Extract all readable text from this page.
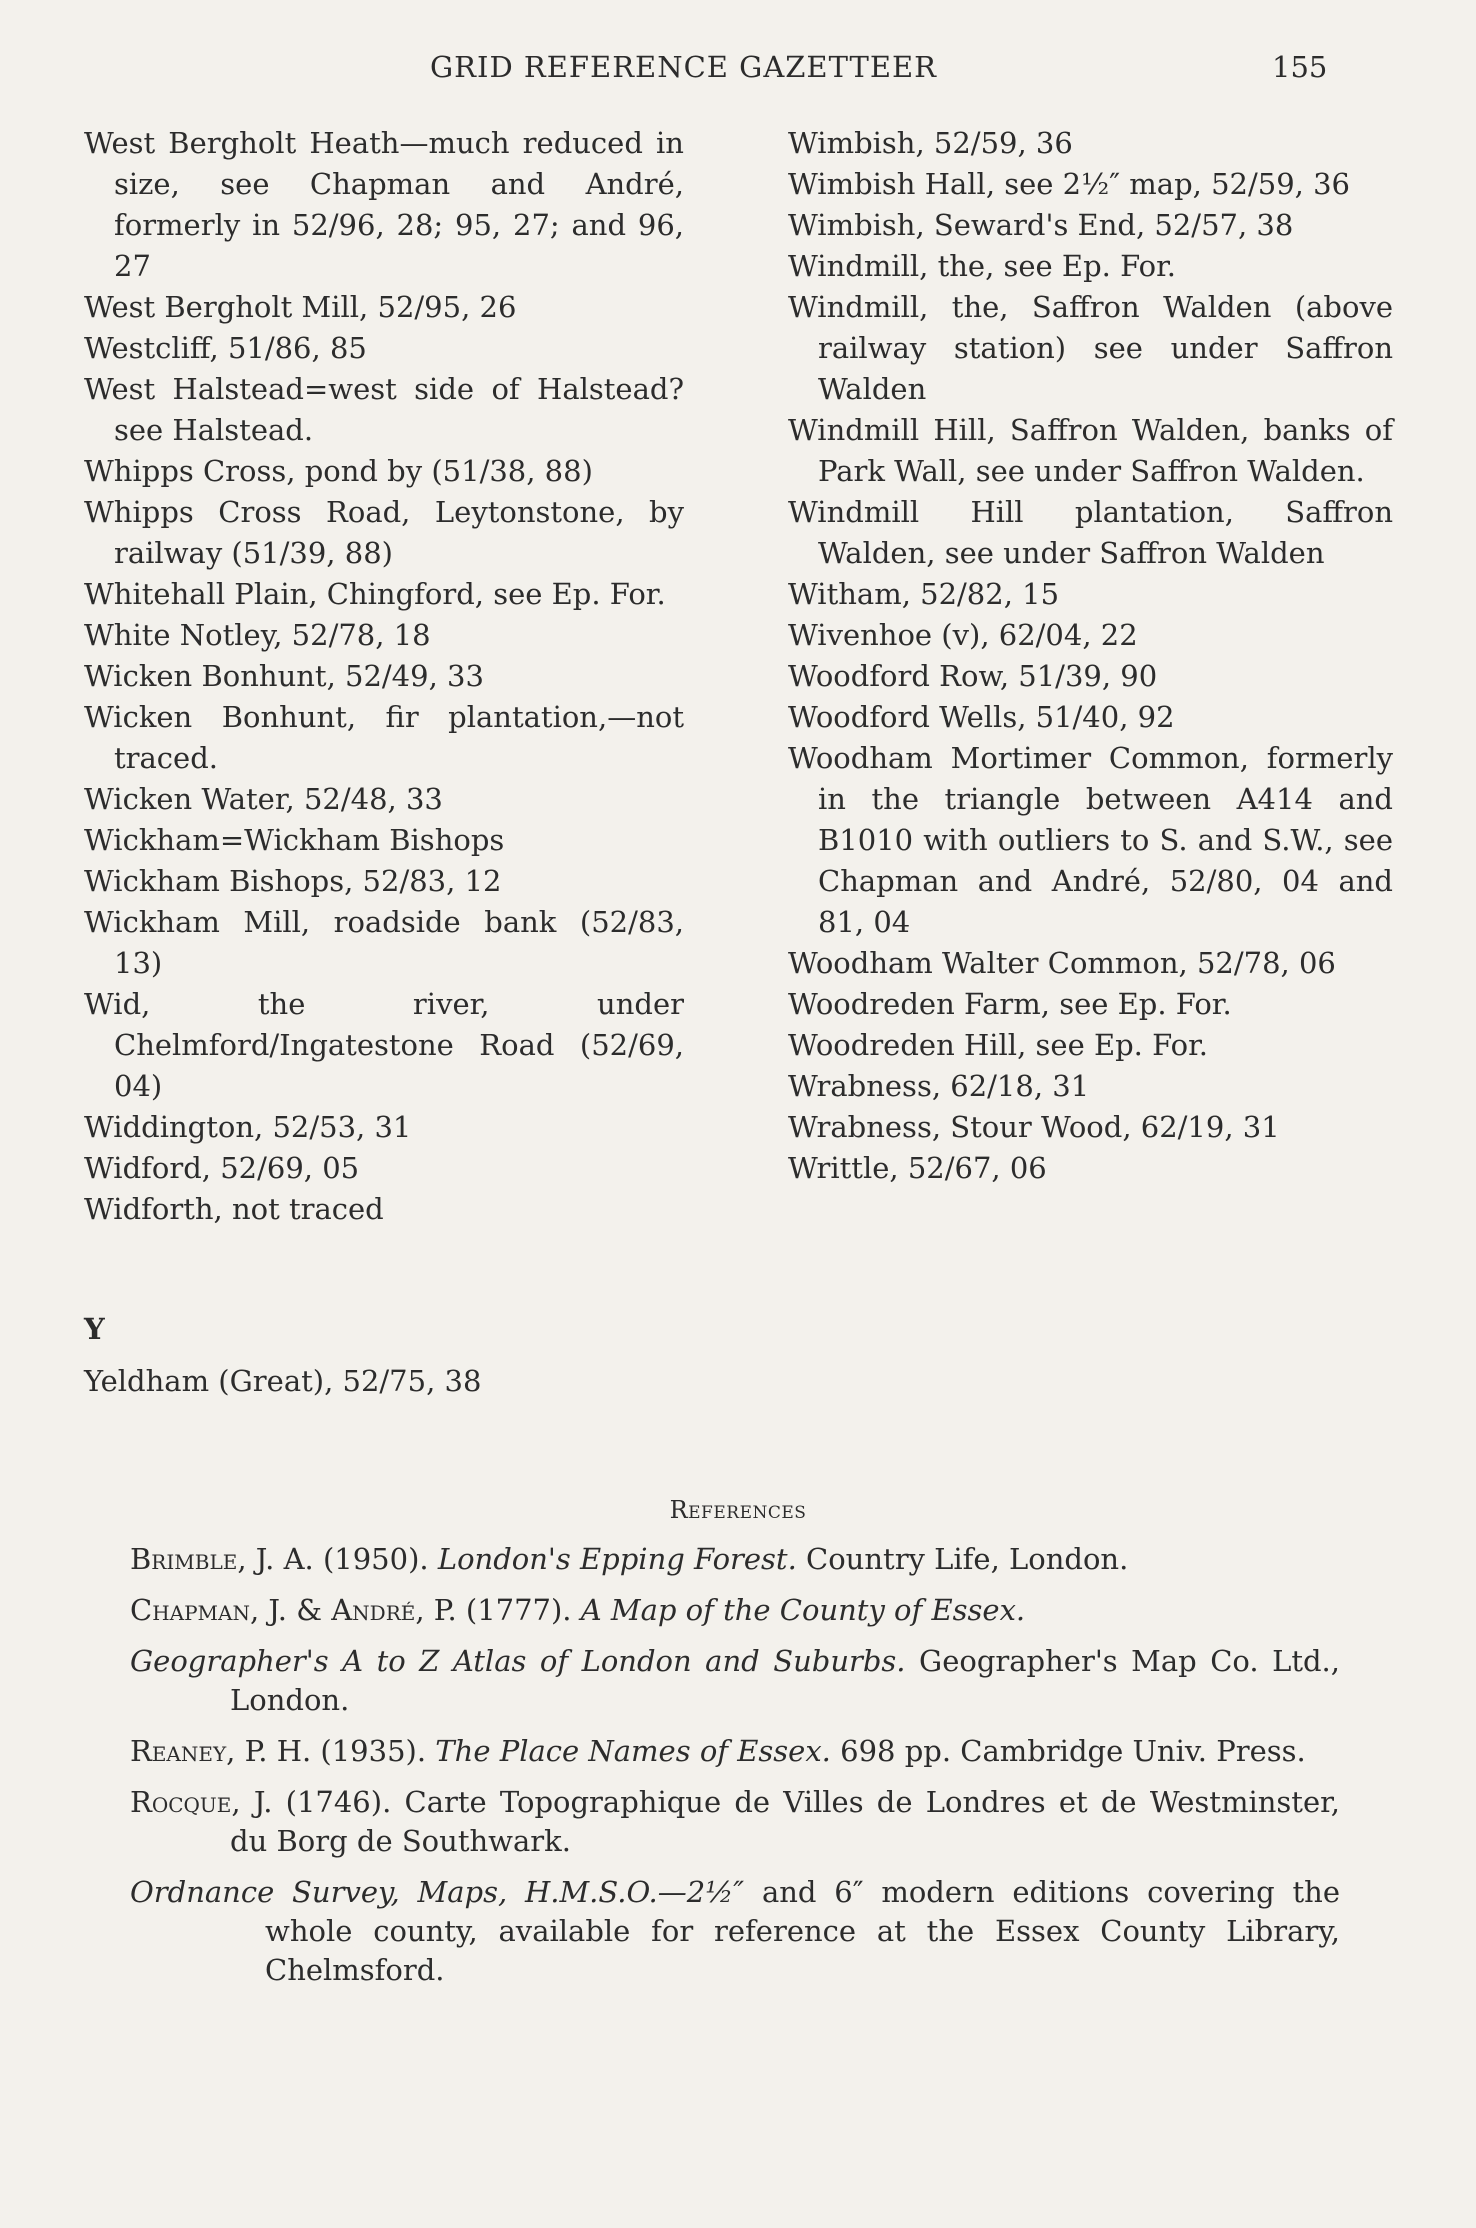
GRID REFERENCE GAZETTEER	155

West Bergholt Heath—much reduced in size, see Chapman and André, formerly in 52/96, 28; 95, 27; and 96, 27

West Bergholt Mill, 52/95, 26

Westcliff, 51/86, 85

West Halstead=west side of Halstead? see Halstead.

Whipps Cross, pond by (51/38, 88)

Whipps Cross Road, Leytonstone, by railway (51/39, 88)

Whitehall Plain, Chingford, see Ep. For.

White Notley, 52/78, 18

Wicken Bonhunt, 52/49, 33

Wicken Bonhunt, fir plantation,—not traced.

Wicken Water, 52/48, 33

Wickham=Wickham Bishops

Wickham Bishops, 52/83, 12

Wickham Mill, roadside bank (52/83, 13)

Wid, the river, under Chelmford/Ingatestone Road (52/69, 04)

Widdington, 52/53, 31

Widford, 52/69, 05

Widforth, not traced

Wimbish, 52/59, 36

Wimbish Hall, see 2½″ map, 52/59, 36

Wimbish, Seward's End, 52/57, 38

Windmill, the, see Ep. For.

Windmill, the, Saffron Walden (above railway station) see under Saffron Walden

Windmill Hill, Saffron Walden, banks of Park Wall, see under Saffron Walden.

Windmill Hill plantation, Saffron Walden, see under Saffron Walden

Witham, 52/82, 15

Wivenhoe (v), 62/04, 22

Woodford Row, 51/39, 90

Woodford Wells, 51/40, 92

Woodham Mortimer Common, formerly in the triangle between A414 and B1010 with outliers to S. and S.W., see Chapman and André, 52/80, 04 and 81, 04

Woodham Walter Common, 52/78, 06

Woodreden Farm, see Ep. For.

Woodreden Hill, see Ep. For.

Wrabness, 62/18, 31

Wrabness, Stour Wood, 62/19, 31

Writtle, 52/67, 06

Y
Yeldham (Great), 52/75, 38
References

Brimble, J. A. (1950). London's Epping Forest. Country Life, London.

Chapman, J. & André, P. (1777). A Map of the County of Essex.

Geographer's A to Z Atlas of London and Suburbs. Geographer's Map Co. Ltd., London.

Reaney, P. H. (1935). The Place Names of Essex. 698 pp. Cambridge Univ. Press.

Rocque, J. (1746). Carte Topographique de Villes de Londres et de Westminster, du Borg de Southwark.

Ordnance Survey, Maps, H.M.S.O.—2½″ and 6″ modern editions covering the whole county, available for reference at the Essex County Library, Chelmsford.
